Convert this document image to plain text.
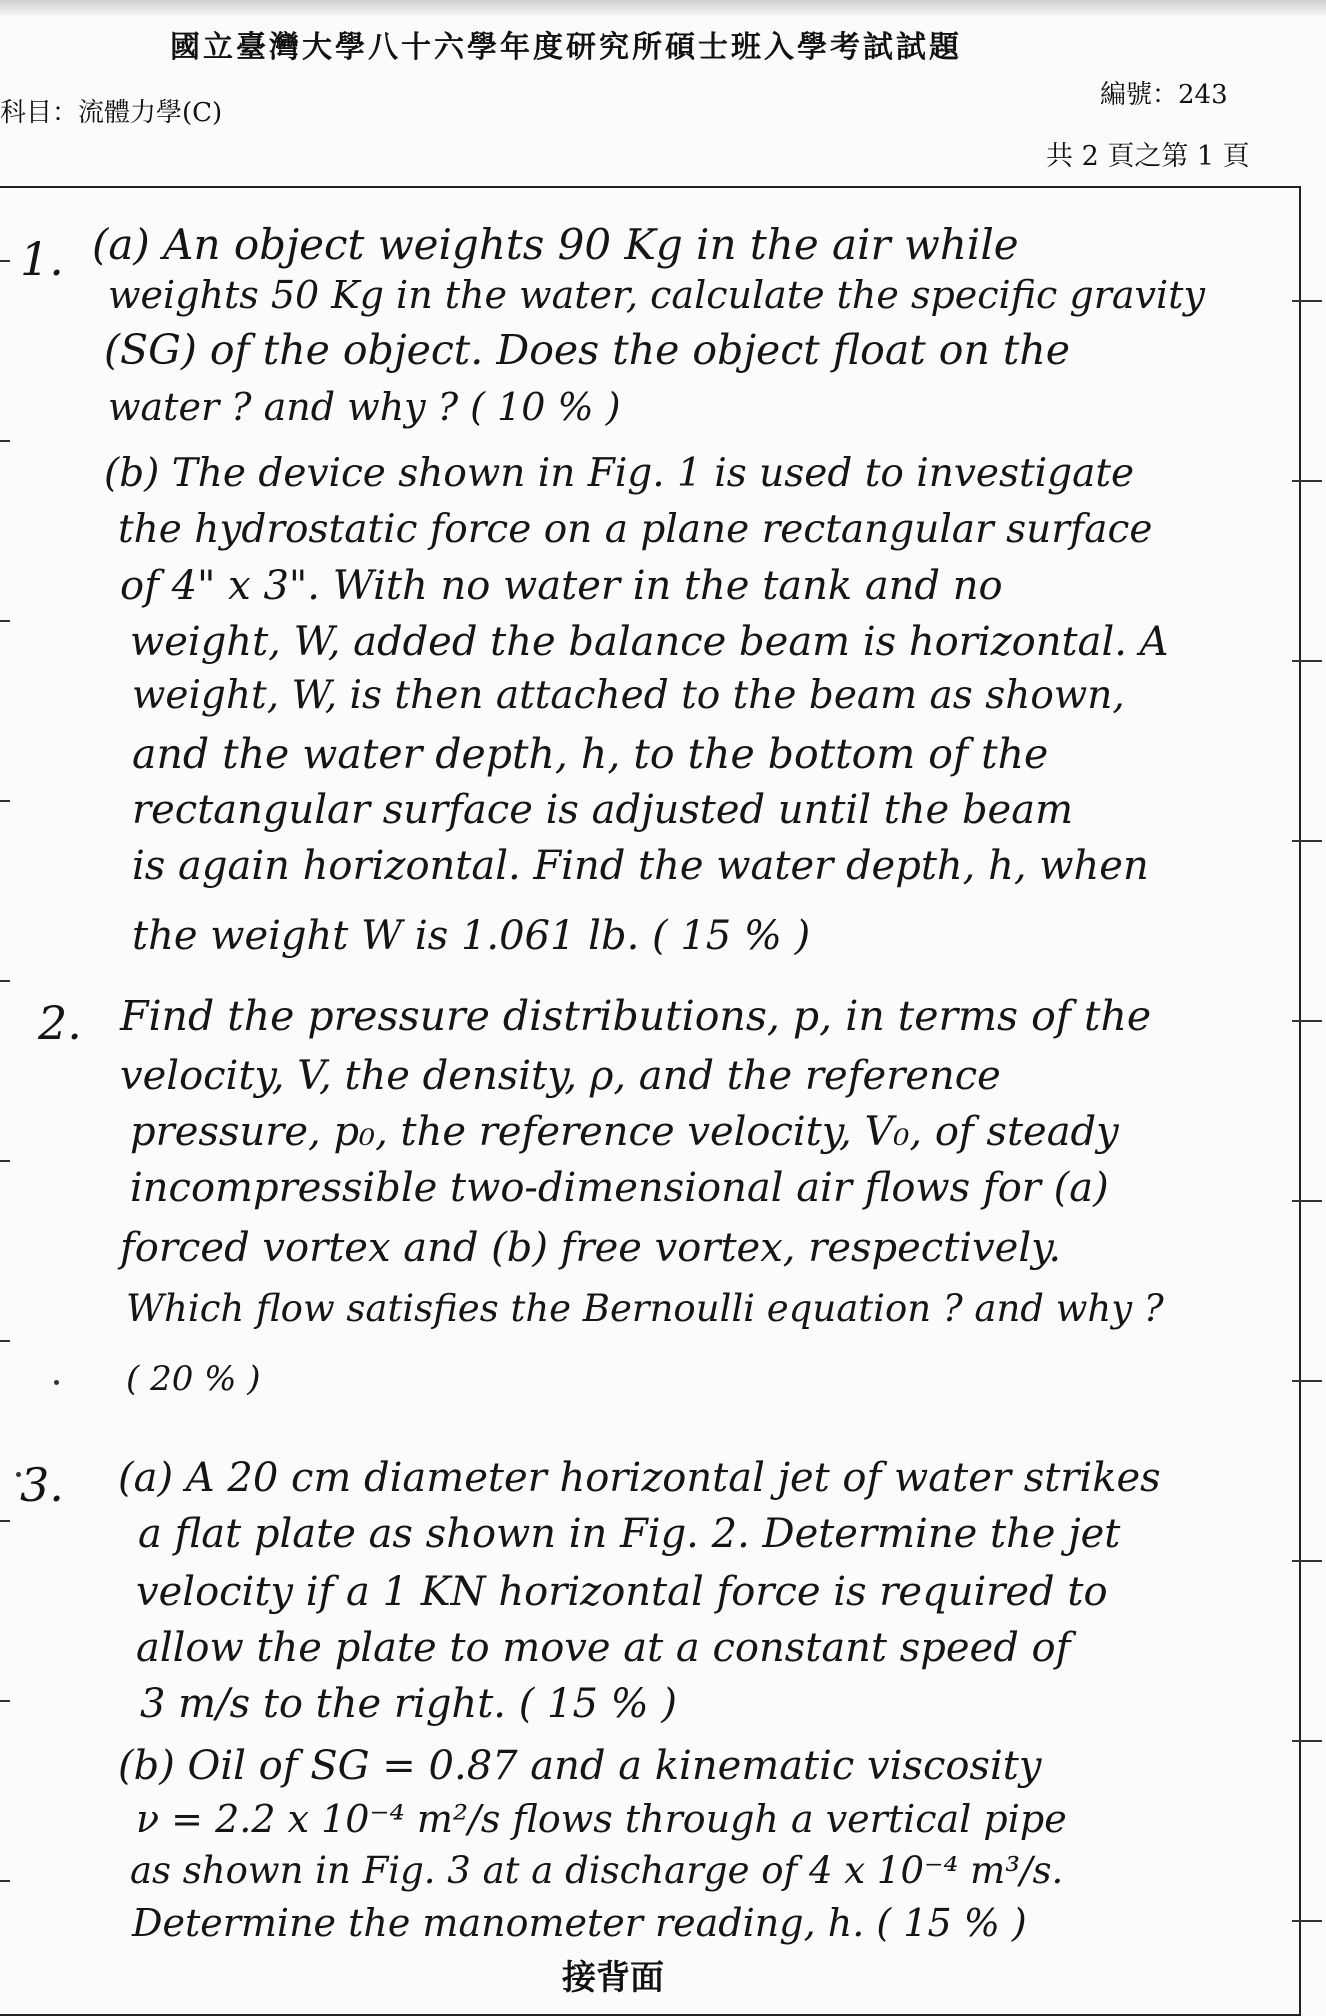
國立臺灣大學八十六學年度研究所碩士班入學考試試題
科目：流體力學(C)
編號：243
共 2 頁之第 1 頁
1. (a) An object weights 90 Kg in the air while
weights 50 Kg in the water, calculate the specific gravity
(SG) of the object. Does the object float on the
water ? and why ? ( 10 % )
(b) The device shown in Fig. 1 is used to investigate
the hydrostatic force on a plane rectangular surface
of 4" x 3". With no water in the tank and no
weight, W, added the balance beam is horizontal. A
weight, W, is then attached to the beam as shown,
and the water depth, h, to the bottom of the
rectangular surface is adjusted until the beam
is again horizontal. Find the water depth, h, when
the weight W is 1.061 lb. ( 15 % )
2. Find the pressure distributions, p, in terms of the
velocity, V, the density, ρ, and the reference
pressure, p₀, the reference velocity, V₀, of steady
incompressible two-dimensional air flows for (a)
forced vortex and (b) free vortex, respectively.
Which flow satisfies the Bernoulli equation ? and why ?
( 20 % )
3. (a) A 20 cm diameter horizontal jet of water strikes
a flat plate as shown in Fig. 2. Determine the jet
velocity if a 1 KN horizontal force is required to
allow the plate to move at a constant speed of
3 m/s to the right. ( 15 % )
(b) Oil of SG = 0.87 and a kinematic viscosity
ν = 2.2 x 10⁻⁴ m²/s flows through a vertical pipe
as shown in Fig. 3 at a discharge of 4 x 10⁻⁴ m³/s.
Determine the manometer reading, h. ( 15 % )
接背面
